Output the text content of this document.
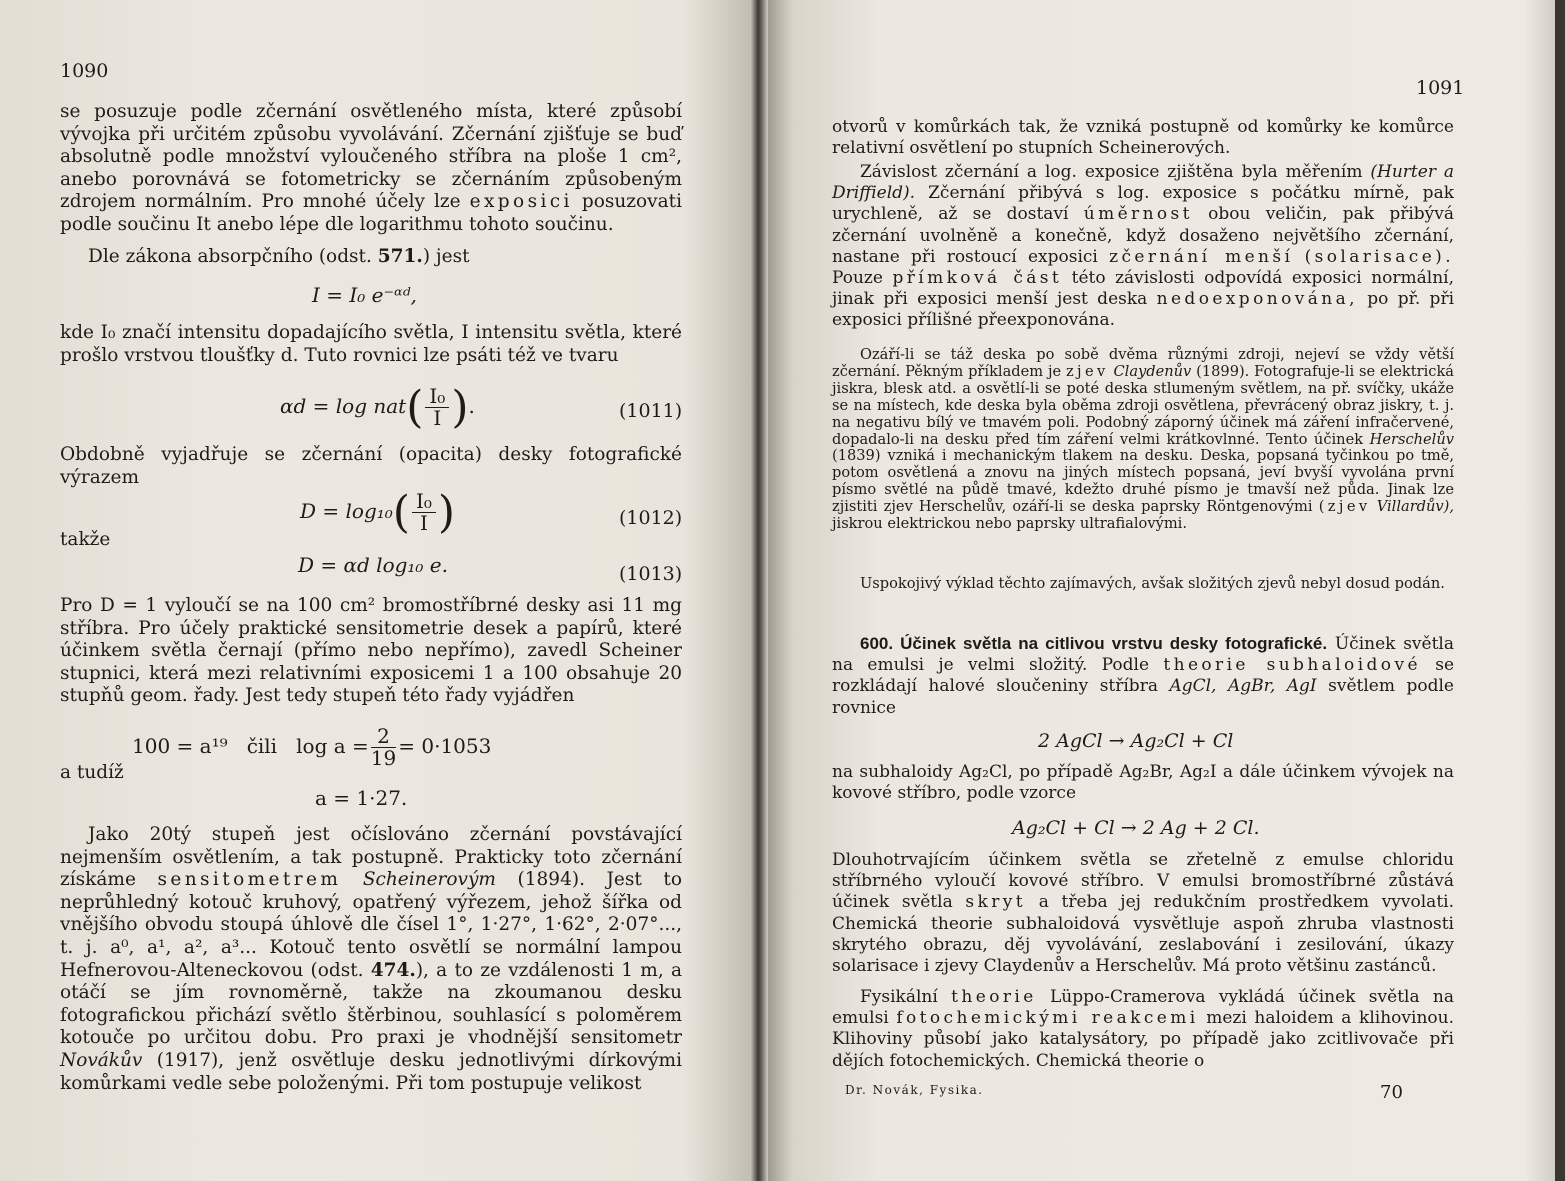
1090
se posuzuje podle zčernání osvětleného místa, které způsobí vývojka při určitém způsobu vyvolávání. Zčernání zjišťuje se buď absolutně podle množství vyloučeného stříbra na ploše 1 cm², anebo porovnává se fotometricky se zčernáním způsobeným zdrojem normálním. Pro mnohé účely lze exposici posuzovati podle součinu It anebo lépe dle logarithmu tohoto součinu.
Dle zákona absorpčního (odst. 571.) jest
I = I₀ e⁻ᵅᵈ,
kde I₀ značí intensitu dopadajícího světla, I intensitu světla, které prošlo vrstvou tloušťky d. Tuto rovnici lze psáti též ve tvaru
$\alpha d = \log nat( \frac{\text{I₀}}{I}$ ).	(1011)
Obdobně vyjadřuje se zčernání (opacita) desky fotografické výrazem
$D = \log_{10}( \frac{\text{I₀}}{I}$ )	(1012)
takže
D = αd log₁₀ e.	(1013)
Pro D = 1 vyloučí se na 100 cm² bromostříbrné desky asi 11 mg stříbra. Pro účely praktické sensitometrie desek a papírů, které účinkem světla černají (přímo nebo nepřímo), zavedl Scheiner stupnici, která mezi relativními exposicemi 1 a 100 obsahuje 20 stupňů geom. řady. Jest tedy stupeň této řady vyjádřen
100 = a¹⁹ čili $\log a = \frac{2}{19} = 0\cdot 1053$
a tudíž
a = 1·27.
Jako 20tý stupeň jest očíslováno zčernání povstávající nejmenším osvětlením, a tak postupně. Prakticky toto zčernání získáme sensitometrem Scheinerovým (1894). Jest to neprůhledný kotouč kruhový, opatřený výřezem, jehož šířka od vnějšího obvodu stoupá úhlově dle čísel 1°, 1·27°, 1·62°, 2·07°..., t. j. a⁰, a¹, a², a³... Kotouč tento osvětlí se normální lampou Hefnerovou-Alteneckovou (odst. 474.), a to ze vzdálenosti 1 m, a otáčí se jím rovnoměrně, takže na zkoumanou desku fotografickou přichází světlo štěrbinou, souhlasící s poloměrem kotouče po určitou dobu. Pro praxi je vhodnější sensitometr Novákův (1917), jenž osvětluje desku jednotlivými dírkovými komůrkami vedle sebe položenými. Při tom postupuje velikost
1091
otvorů v komůrkách tak, že vzniká postupně od komůrky ke komůrce relativní osvětlení po stupních Scheinerových.
Závislost zčernání a log. exposice zjištěna byla měřením (Hurter a Driffield). Zčernání přibývá s log. exposice s počátku mírně, pak urychleně, až se dostaví úměrnost obou veličin, pak přibývá zčernání uvolněně a konečně, když dosaženo největšího zčernání, nastane při rostoucí exposici zčernání menší (solarisace). Pouze přímková část této závislosti odpovídá exposici normální, jinak při exposici menší jest deska nedoexponována, po př. při exposici přílišné přeexponována.
Ozáří-li se táž deska po sobě dvěma různými zdroji, nejeví se vždy větší zčernání. Pěkným příkladem je zjev Claydenův (1899). Fotografuje-li se elektrická jiskra, blesk atd. a osvětlí-li se poté deska stlumeným světlem, na př. svíčky, ukáže se na místech, kde deska byla oběma zdroji osvětlena, převrácený obraz jiskry, t. j. na negativu bílý ve tmavém poli. Podobný záporný účinek má záření infračervené, dopadalo-li na desku před tím záření velmi krátkovlnné. Tento účinek Herschelův (1839) vzniká i mechanickým tlakem na desku. Deska, popsaná tyčinkou po tmě, potom osvětlená a znovu na jiných místech popsaná, jeví bvyší vyvolána první písmo světlé na půdě tmavé, kdežto druhé písmo je tmavší než půda. Jinak lze zjistiti zjev Herschelův, ozáří-li se deska paprsky Röntgenovými (zjev Villardův), jiskrou elektrickou nebo paprsky ultrafialovými.
Uspokojivý výklad těchto zajímavých, avšak složitých zjevů nebyl dosud podán.
600. Účinek světla na citlivou vrstvu desky fotografické. Účinek světla na emulsi je velmi složitý. Podle theorie subhaloidové se rozkládají halové sloučeniny stříbra AgCl, AgBr, AgI světlem podle rovnice
2 AgCl → Ag₂Cl + Cl
na subhaloidy Ag₂Cl, po případě Ag₂Br, Ag₂I a dále účinkem vývojek na kovové stříbro, podle vzorce
Ag₂Cl + Cl → 2 Ag + 2 Cl.
Dlouhotrvajícím účinkem světla se zřetelně z emulse chloridu stříbrného vyloučí kovové stříbro. V emulsi bromostříbrné zůstává účinek světla skryt a třeba jej redukčním prostředkem vyvolati. Chemická theorie subhaloidová vysvětluje aspoň zhruba vlastnosti skrytého obrazu, děj vyvolávání, zeslabování i zesilování, úkazy solarisace i zjevy Claydenův a Herschelův. Má proto většinu zastánců.
Fysikální theorie Lüppo-Cramerova vykládá účinek světla na emulsi fotochemickými reakcemi mezi haloidem a klihovinou. Klihoviny působí jako katalysátory, po případě jako zcitlivovače při dějích fotochemických. Chemická theorie o
Dr. Novák, Fysika.	70
